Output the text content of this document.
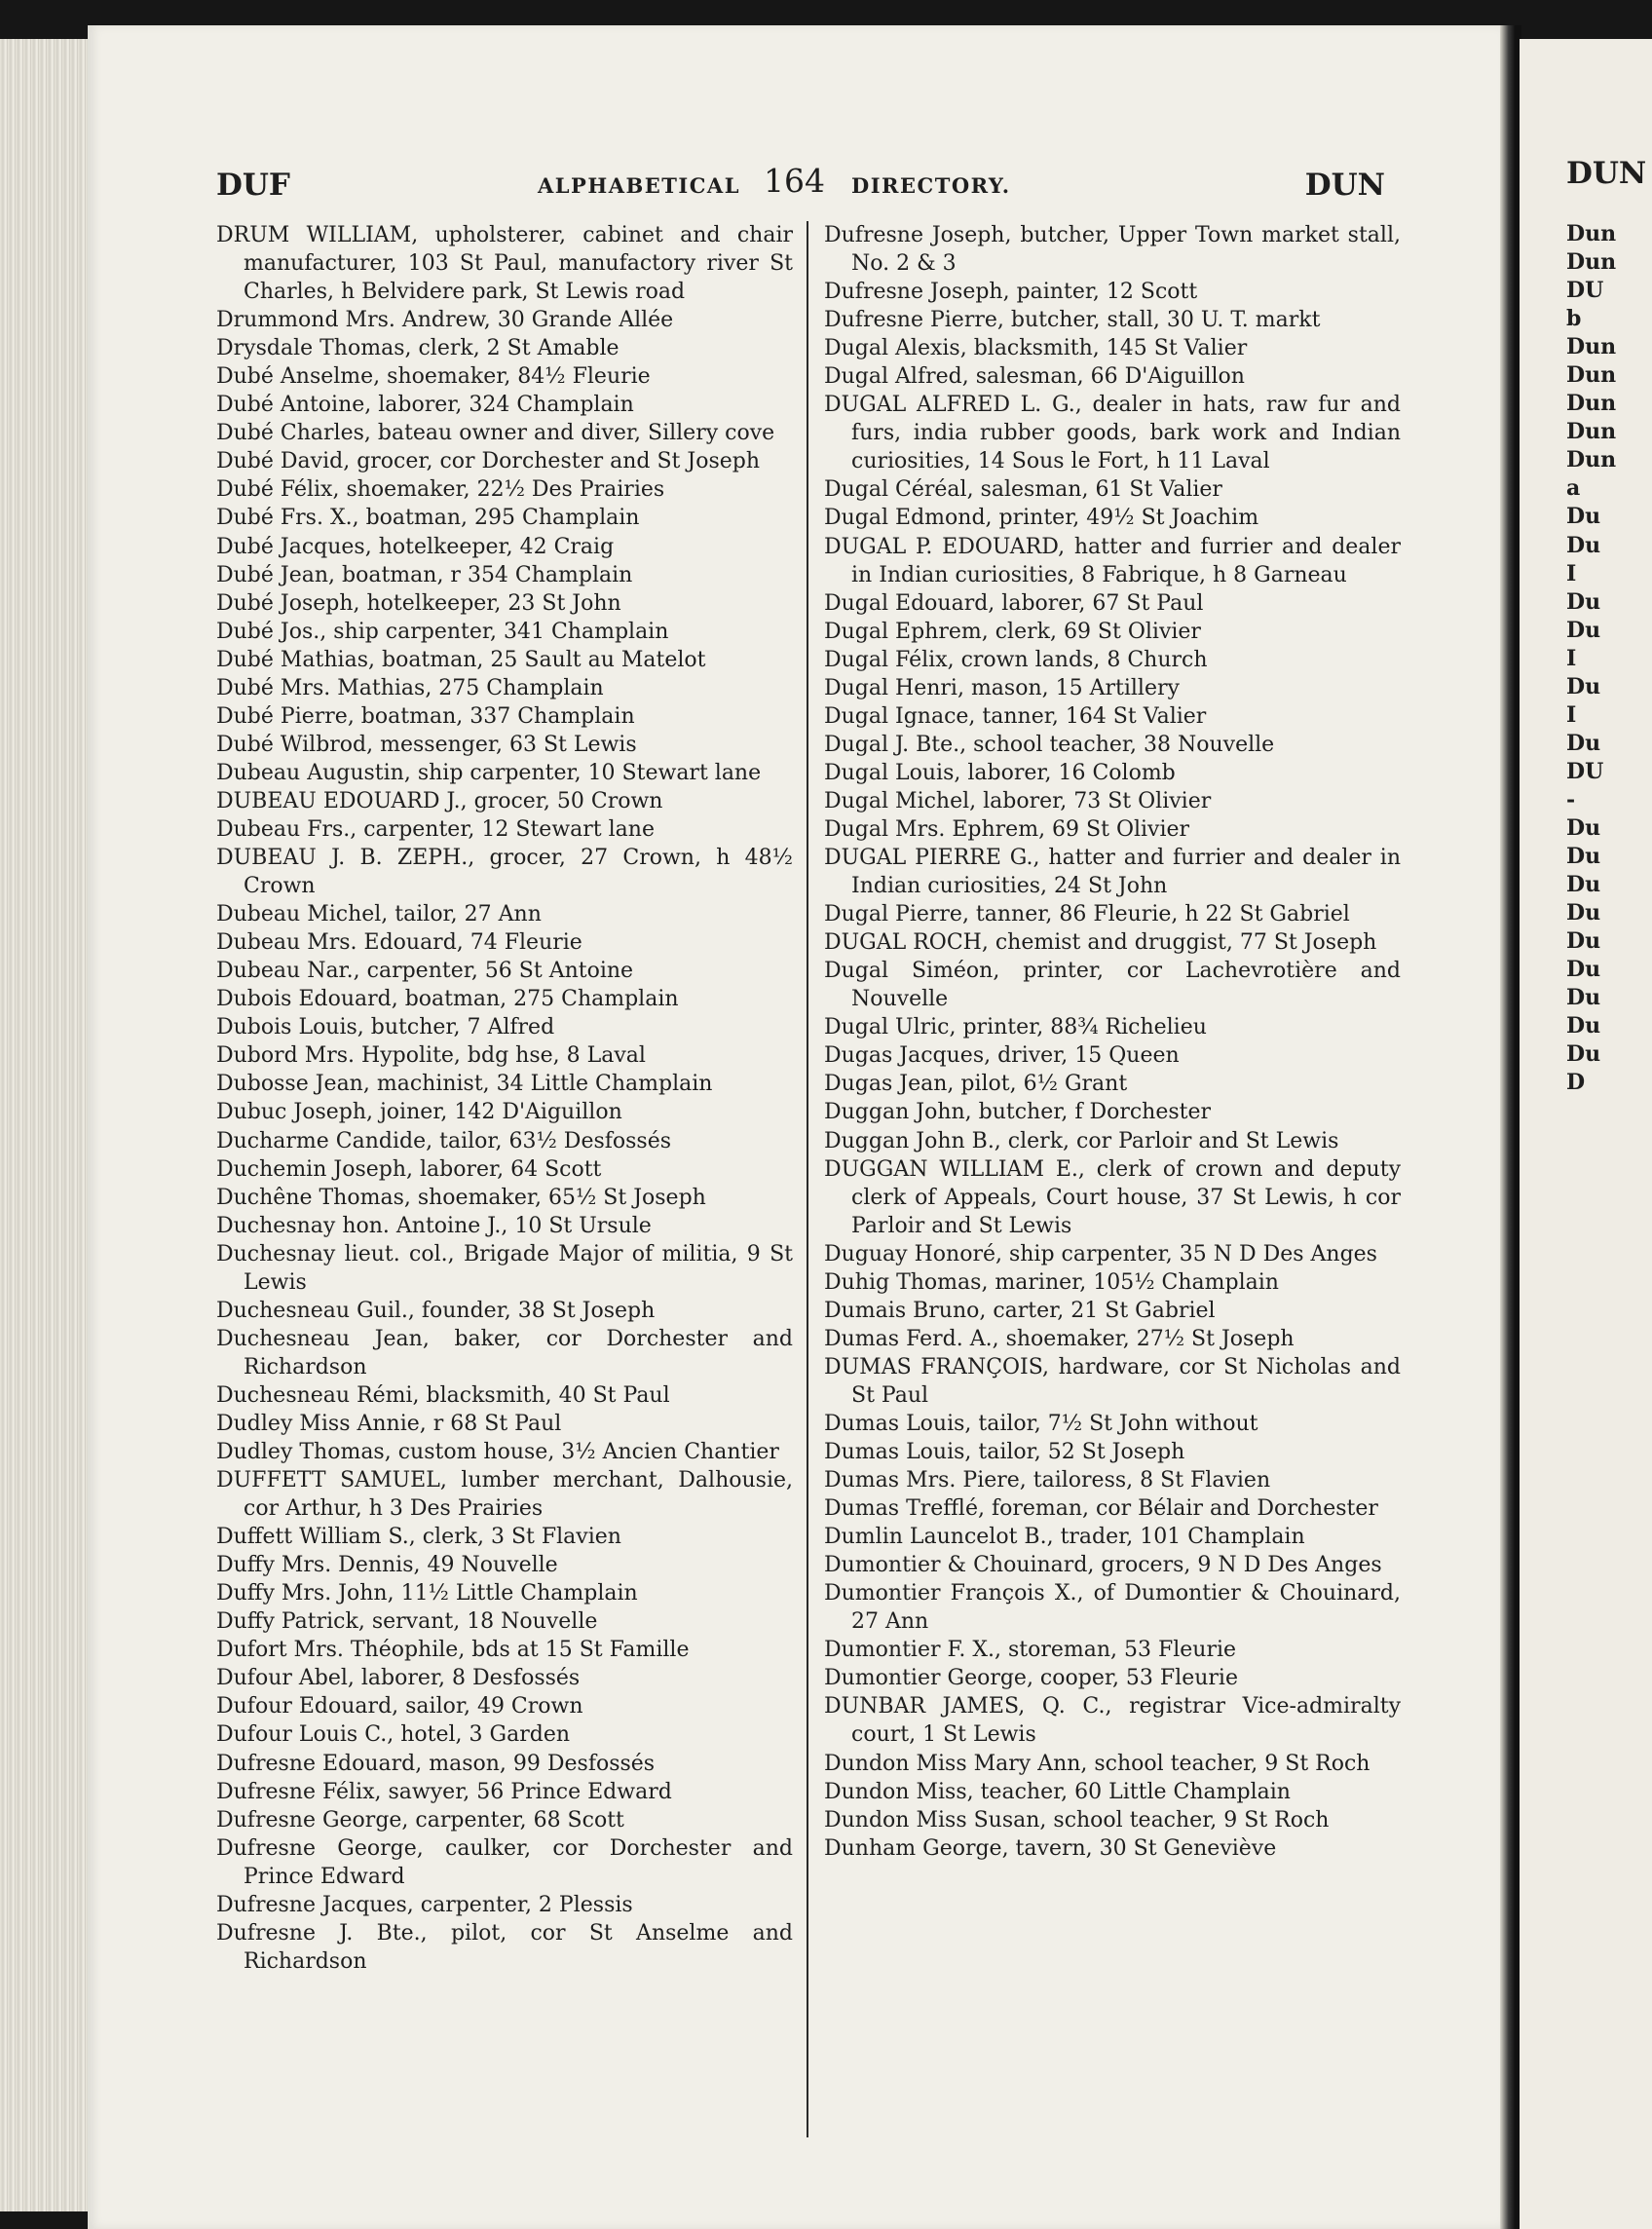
DUF	ALPHABETICAL 164 DIRECTORY.	DUN
DRUM WILLIAM, upholsterer, cabinet and chair manufacturer, 103 St Paul, manufactory river St Charles, h Belvidere park, St Lewis road
Drummond Mrs. Andrew, 30 Grande Allée
Drysdale Thomas, clerk, 2 St Amable
Dubé Anselme, shoemaker, 84½ Fleurie
Dubé Antoine, laborer, 324 Champlain
Dubé Charles, bateau owner and diver, Sillery cove
Dubé David, grocer, cor Dorchester and St Joseph
Dubé Félix, shoemaker, 22½ Des Prairies
Dubé Frs. X., boatman, 295 Champlain
Dubé Jacques, hotelkeeper, 42 Craig
Dubé Jean, boatman, r 354 Champlain
Dubé Joseph, hotelkeeper, 23 St John
Dubé Jos., ship carpenter, 341 Champlain
Dubé Mathias, boatman, 25 Sault au Matelot
Dubé Mrs. Mathias, 275 Champlain
Dubé Pierre, boatman, 337 Champlain
Dubé Wilbrod, messenger, 63 St Lewis
Dubeau Augustin, ship carpenter, 10 Stewart lane
DUBEAU EDOUARD J., grocer, 50 Crown
Dubeau Frs., carpenter, 12 Stewart lane
DUBEAU J. B. ZEPH., grocer, 27 Crown, h 48½ Crown
Dubeau Michel, tailor, 27 Ann
Dubeau Mrs. Edouard, 74 Fleurie
Dubeau Nar., carpenter, 56 St Antoine
Dubois Edouard, boatman, 275 Champlain
Dubois Louis, butcher, 7 Alfred
Dubord Mrs. Hypolite, bdg hse, 8 Laval
Dubosse Jean, machinist, 34 Little Champlain
Dubuc Joseph, joiner, 142 D'Aiguillon
Ducharme Candide, tailor, 63½ Desfossés
Duchemin Joseph, laborer, 64 Scott
Duchêne Thomas, shoemaker, 65½ St Joseph
Duchesnay hon. Antoine J., 10 St Ursule
Duchesnay lieut. col., Brigade Major of militia, 9 St Lewis
Duchesneau Guil., founder, 38 St Joseph
Duchesneau Jean, baker, cor Dorchester and Richardson
Duchesneau Rémi, blacksmith, 40 St Paul
Dudley Miss Annie, r 68 St Paul
Dudley Thomas, custom house, 3½ Ancien Chantier
DUFFETT SAMUEL, lumber merchant, Dalhousie, cor Arthur, h 3 Des Prairies
Duffett William S., clerk, 3 St Flavien
Duffy Mrs. Dennis, 49 Nouvelle
Duffy Mrs. John, 11½ Little Champlain
Duffy Patrick, servant, 18 Nouvelle
Dufort Mrs. Théophile, bds at 15 St Famille
Dufour Abel, laborer, 8 Desfossés
Dufour Edouard, sailor, 49 Crown
Dufour Louis C., hotel, 3 Garden
Dufresne Edouard, mason, 99 Desfossés
Dufresne Félix, sawyer, 56 Prince Edward
Dufresne George, carpenter, 68 Scott
Dufresne George, caulker, cor Dorchester and Prince Edward
Dufresne Jacques, carpenter, 2 Plessis
Dufresne J. Bte., pilot, cor St Anselme and Richardson
Dufresne Joseph, butcher, Upper Town market stall, No. 2 & 3
Dufresne Joseph, painter, 12 Scott
Dufresne Pierre, butcher, stall, 30 U. T. markt
Dugal Alexis, blacksmith, 145 St Valier
Dugal Alfred, salesman, 66 D'Aiguillon
DUGAL ALFRED L. G., dealer in hats, raw fur and furs, india rubber goods, bark work and Indian curiosities, 14 Sous le Fort, h 11 Laval
Dugal Céréal, salesman, 61 St Valier
Dugal Edmond, printer, 49½ St Joachim
DUGAL P. EDOUARD, hatter and furrier and dealer in Indian curiosities, 8 Fabrique, h 8 Garneau
Dugal Edouard, laborer, 67 St Paul
Dugal Ephrem, clerk, 69 St Olivier
Dugal Félix, crown lands, 8 Church
Dugal Henri, mason, 15 Artillery
Dugal Ignace, tanner, 164 St Valier
Dugal J. Bte., school teacher, 38 Nouvelle
Dugal Louis, laborer, 16 Colomb
Dugal Michel, laborer, 73 St Olivier
Dugal Mrs. Ephrem, 69 St Olivier
DUGAL PIERRE G., hatter and furrier and dealer in Indian curiosities, 24 St John
Dugal Pierre, tanner, 86 Fleurie, h 22 St Gabriel
DUGAL ROCH, chemist and druggist, 77 St Joseph
Dugal Siméon, printer, cor Lachevrotière and Nouvelle
Dugal Ulric, printer, 88¾ Richelieu
Dugas Jacques, driver, 15 Queen
Dugas Jean, pilot, 6½ Grant
Duggan John, butcher, f Dorchester
Duggan John B., clerk, cor Parloir and St Lewis
DUGGAN WILLIAM E., clerk of crown and deputy clerk of Appeals, Court house, 37 St Lewis, h cor Parloir and St Lewis
Duguay Honoré, ship carpenter, 35 N D Des Anges
Duhig Thomas, mariner, 105½ Champlain
Dumais Bruno, carter, 21 St Gabriel
Dumas Ferd. A., shoemaker, 27½ St Joseph
DUMAS FRANÇOIS, hardware, cor St Nicholas and St Paul
Dumas Louis, tailor, 7½ St John without
Dumas Louis, tailor, 52 St Joseph
Dumas Mrs. Piere, tailoress, 8 St Flavien
Dumas Trefflé, foreman, cor Bélair and Dorchester
Dumlin Launcelot B., trader, 101 Champlain
Dumontier & Chouinard, grocers, 9 N D Des Anges
Dumontier François X., of Dumontier & Chouinard, 27 Ann
Dumontier F. X., storeman, 53 Fleurie
Dumontier George, cooper, 53 Fleurie
DUNBAR JAMES, Q. C., registrar Vice-admiralty court, 1 St Lewis
Dundon Miss Mary Ann, school teacher, 9 St Roch
Dundon Miss, teacher, 60 Little Champlain
Dundon Miss Susan, school teacher, 9 St Roch
Dunham George, tavern, 30 St Geneviève
DUN
Dun
Dun
DU
b
Dun
Dun
Dun
Dun
Dun
a
Du
Du
I
Du
Du
I
Du
I
Du
DU
-
Du
Du
Du
Du
Du
Du
Du
Du
Du
D
